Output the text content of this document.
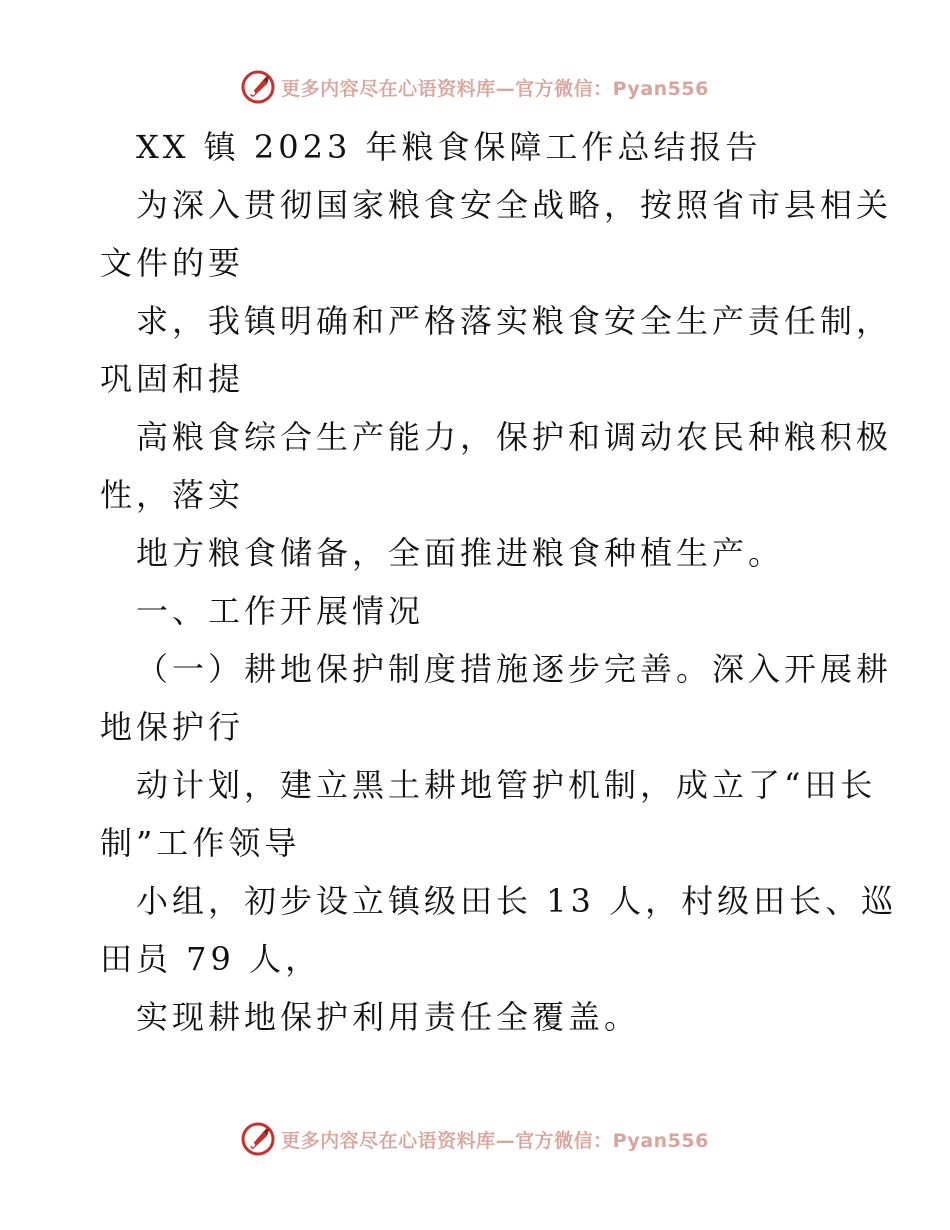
更多内容尽在心语资料库—官方微信：Pyan556
XX 镇 2023 年粮食保障工作总结报告
为深入贯彻国家粮食安全战略，按照省市县相关
文件的要
求，我镇明确和严格落实粮食安全生产责任制，
巩固和提
高粮食综合生产能力，保护和调动农民种粮积极
性，落实
地方粮食储备，全面推进粮食种植生产。
一、工作开展情况
（一）耕地保护制度措施逐步完善。深入开展耕
地保护行
动计划，建立黑土耕地管护机制，成立了“田长
制”工作领导
小组，初步设立镇级田长 13 人，村级田长、巡
田员 79 人，
实现耕地保护利用责任全覆盖。
更多内容尽在心语资料库—官方微信：Pyan556
